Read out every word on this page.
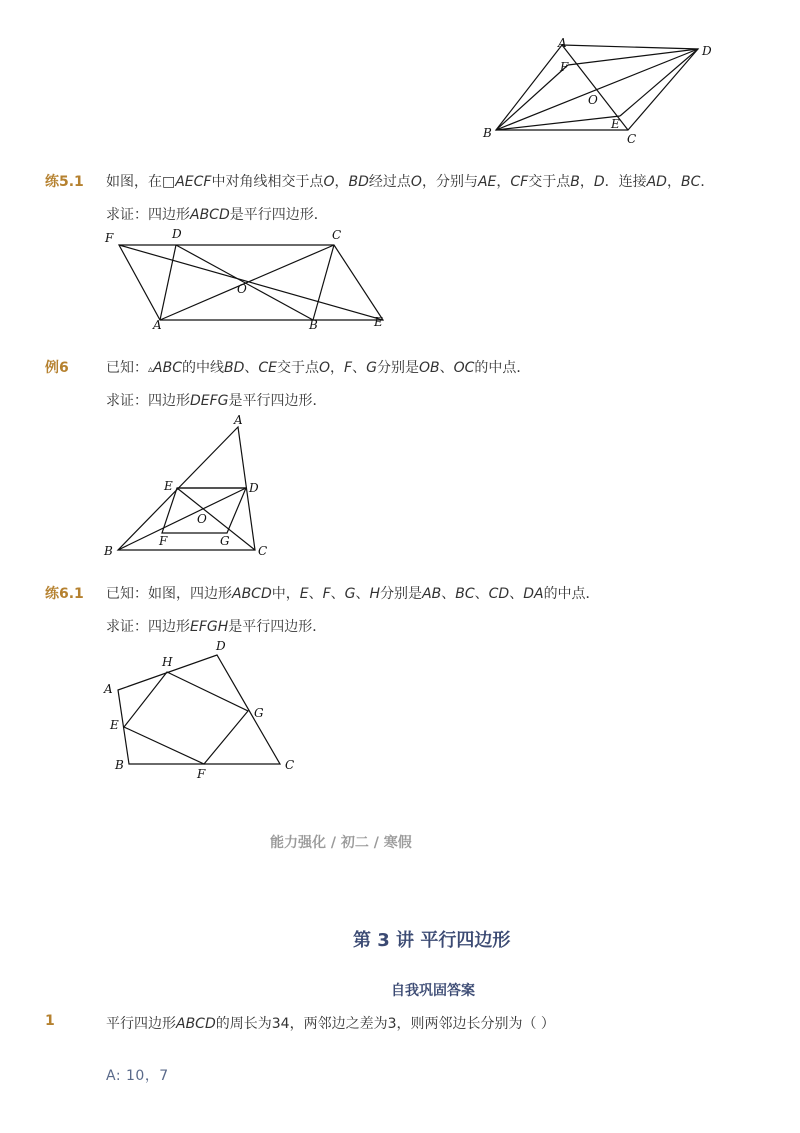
A
D
F
O
B
E
C
练5.1 如图，在□AECF中对角线相交于点O，BD经过点O，分别与AE，CF交于点B，D．连接AD，BC．
求证：四边形ABCD是平行四边形．
F	D	C
O
A	B	E
例6	已知：▵ABC的中线BD、CE交于点O，F、G分别是OB、OC的中点．
求证：四边形DEFG是平行四边形．
A
E	D
O
B
F	G
C
练6.1 已知：如图，四边形ABCD中，E、F、G、H分别是AB、BC、CD、DA的中点．
求证：四边形EFGH是平行四边形．
D
H
A
E
G
B
F
C
能力强化 / 初二 / 寒假
第 3 讲 平行四边形
自我巩固答案
1	平行四边形ABCD的周长为34，两邻边之差为3，则两邻边长分别为（ ）
A: 10，7
